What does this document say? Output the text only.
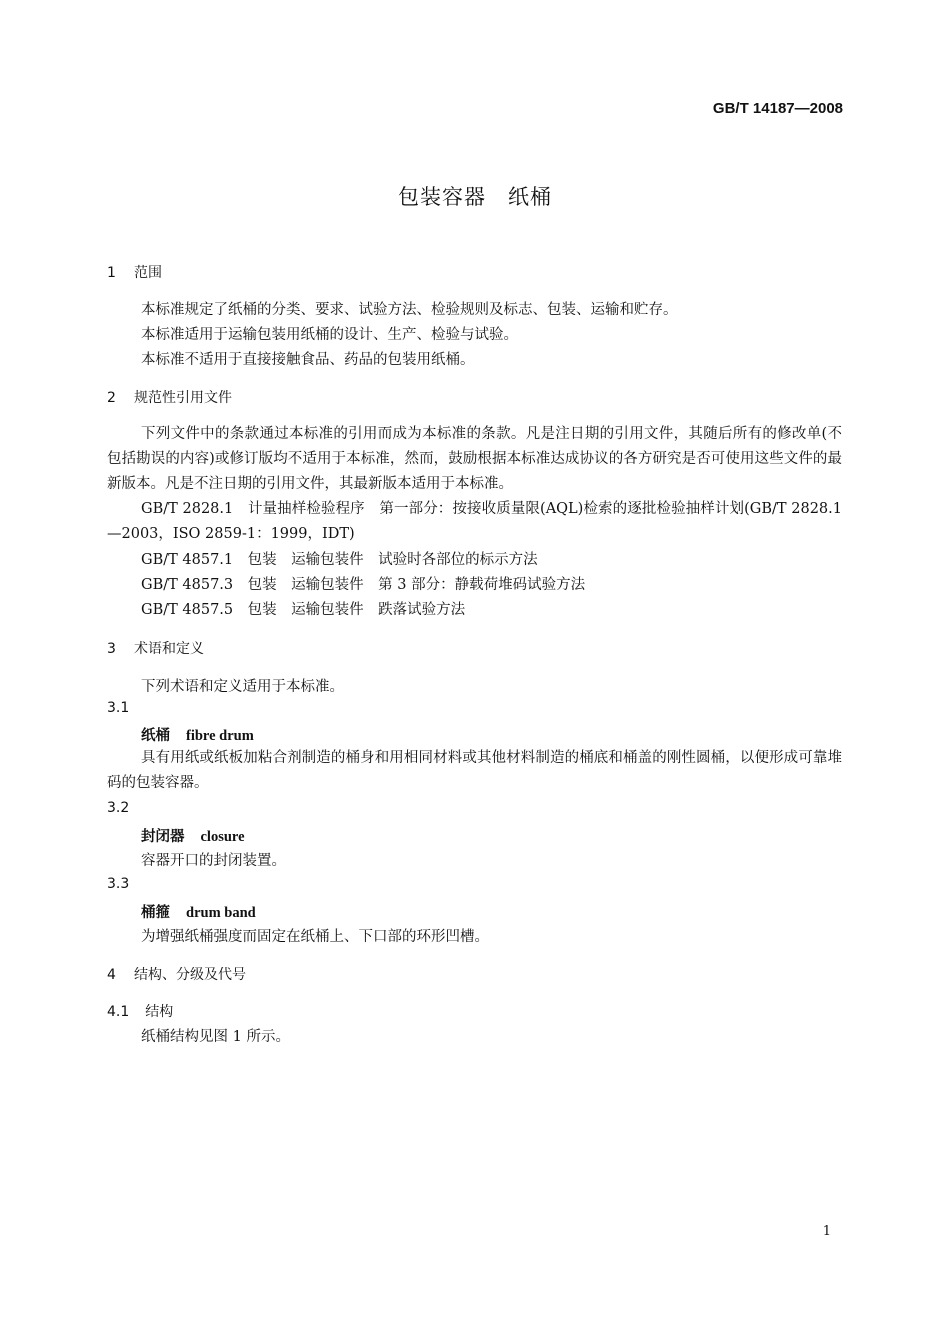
GB/T 14187—2008
包装容器　纸桶
1 范围
本标准规定了纸桶的分类、要求、试验方法、检验规则及标志、包装、运输和贮存。
本标准适用于运输包装用纸桶的设计、生产、检验与试验。
本标准不适用于直接接触食品、药品的包装用纸桶。
2 规范性引用文件
下列文件中的条款通过本标准的引用而成为本标准的条款。凡是注日期的引用文件，其随后所有的修改单(不包括勘误的内容)或修订版均不适用于本标准，然而，鼓励根据本标准达成协议的各方研究是否可使用这些文件的最新版本。凡是不注日期的引用文件，其最新版本适用于本标准。
GB/T 2828.1　计量抽样检验程序　第一部分：按接收质量限(AQL)检索的逐批检验抽样计划(GB/T 2828.1—2003，ISO 2859-1：1999，IDT)
GB/T 4857.1　包装　运输包装件　试验时各部位的标示方法
GB/T 4857.3　包装　运输包装件　第 3 部分：静载荷堆码试验方法
GB/T 4857.5　包装　运输包装件　跌落试验方法
3 术语和定义
下列术语和定义适用于本标准。
3.1
纸桶 fibre drum
具有用纸或纸板加粘合剂制造的桶身和用相同材料或其他材料制造的桶底和桶盖的刚性圆桶，以便形成可靠堆码的包装容器。
3.2
封闭器 closure
容器开口的封闭装置。
3.3
桶箍 drum band
为增强纸桶强度而固定在纸桶上、下口部的环形凹槽。
4 结构、分级及代号
4.1 结构
纸桶结构见图 1 所示。
1
